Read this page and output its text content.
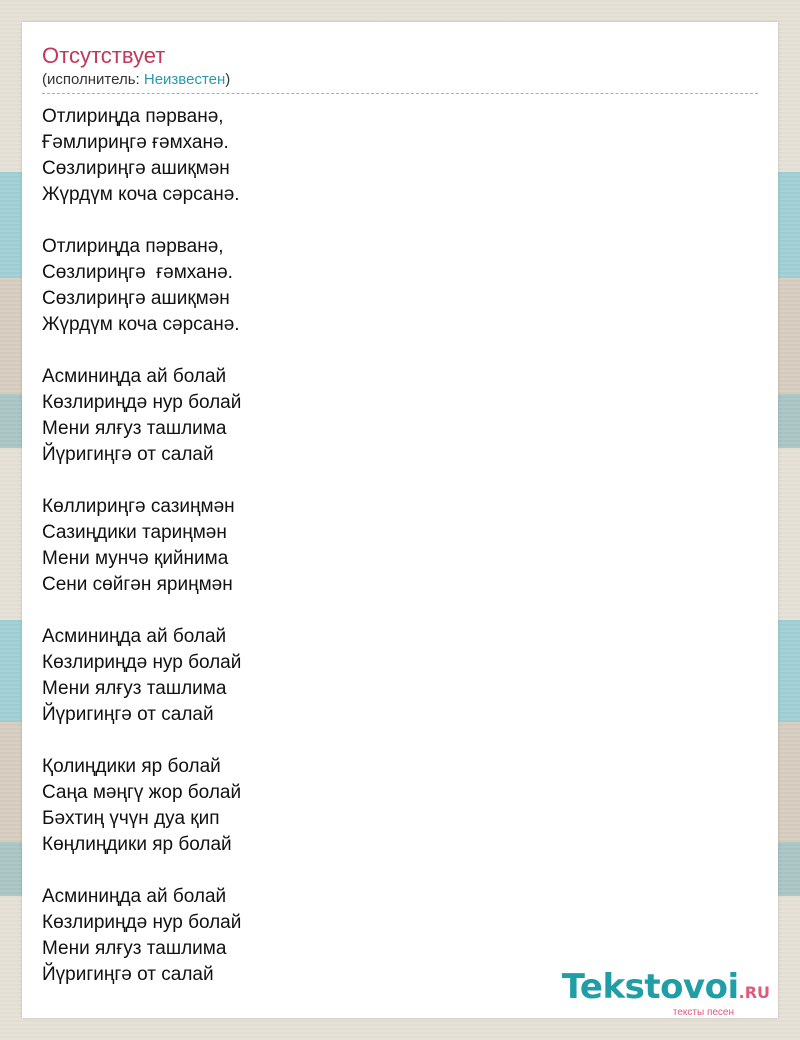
Отсутствует
(исполнитель: Неизвестен)
Отлириңда пәрванә,
Ғәмлириңгә ғәмханә.
Сөзлириңгә ашиқмән
Жүрдүм коча сәрсанә.
Отлириңда пәрванә,
Сөзлириңгә  ғәмханә.
Сөзлириңгә ашиқмән
Жүрдүм коча сәрсанә.
Асминиңда ай болай
Көзлириңдә нур болай
Мени ялғуз ташлима
Йүригиңгә от салай
Көллириңгә сазиңмән
Сазиңдики тариңмән
Мени мунчә қийнима
Сени сөйгән яриңмән
Асминиңда ай болай
Көзлириңдә нур болай
Мени ялғуз ташлима
Йүригиңгә от салай
Қолиңдики яр болай
Саңа мәңгү жор болай
Бәхтиң үчүн дуа қип
Көңлиңдики яр болай
Асминиңда ай болай
Көзлириңдә нур болай
Мени ялғуз ташлима
Йүригиңгә от салай	Tekstovoi.RU
тексты песен
